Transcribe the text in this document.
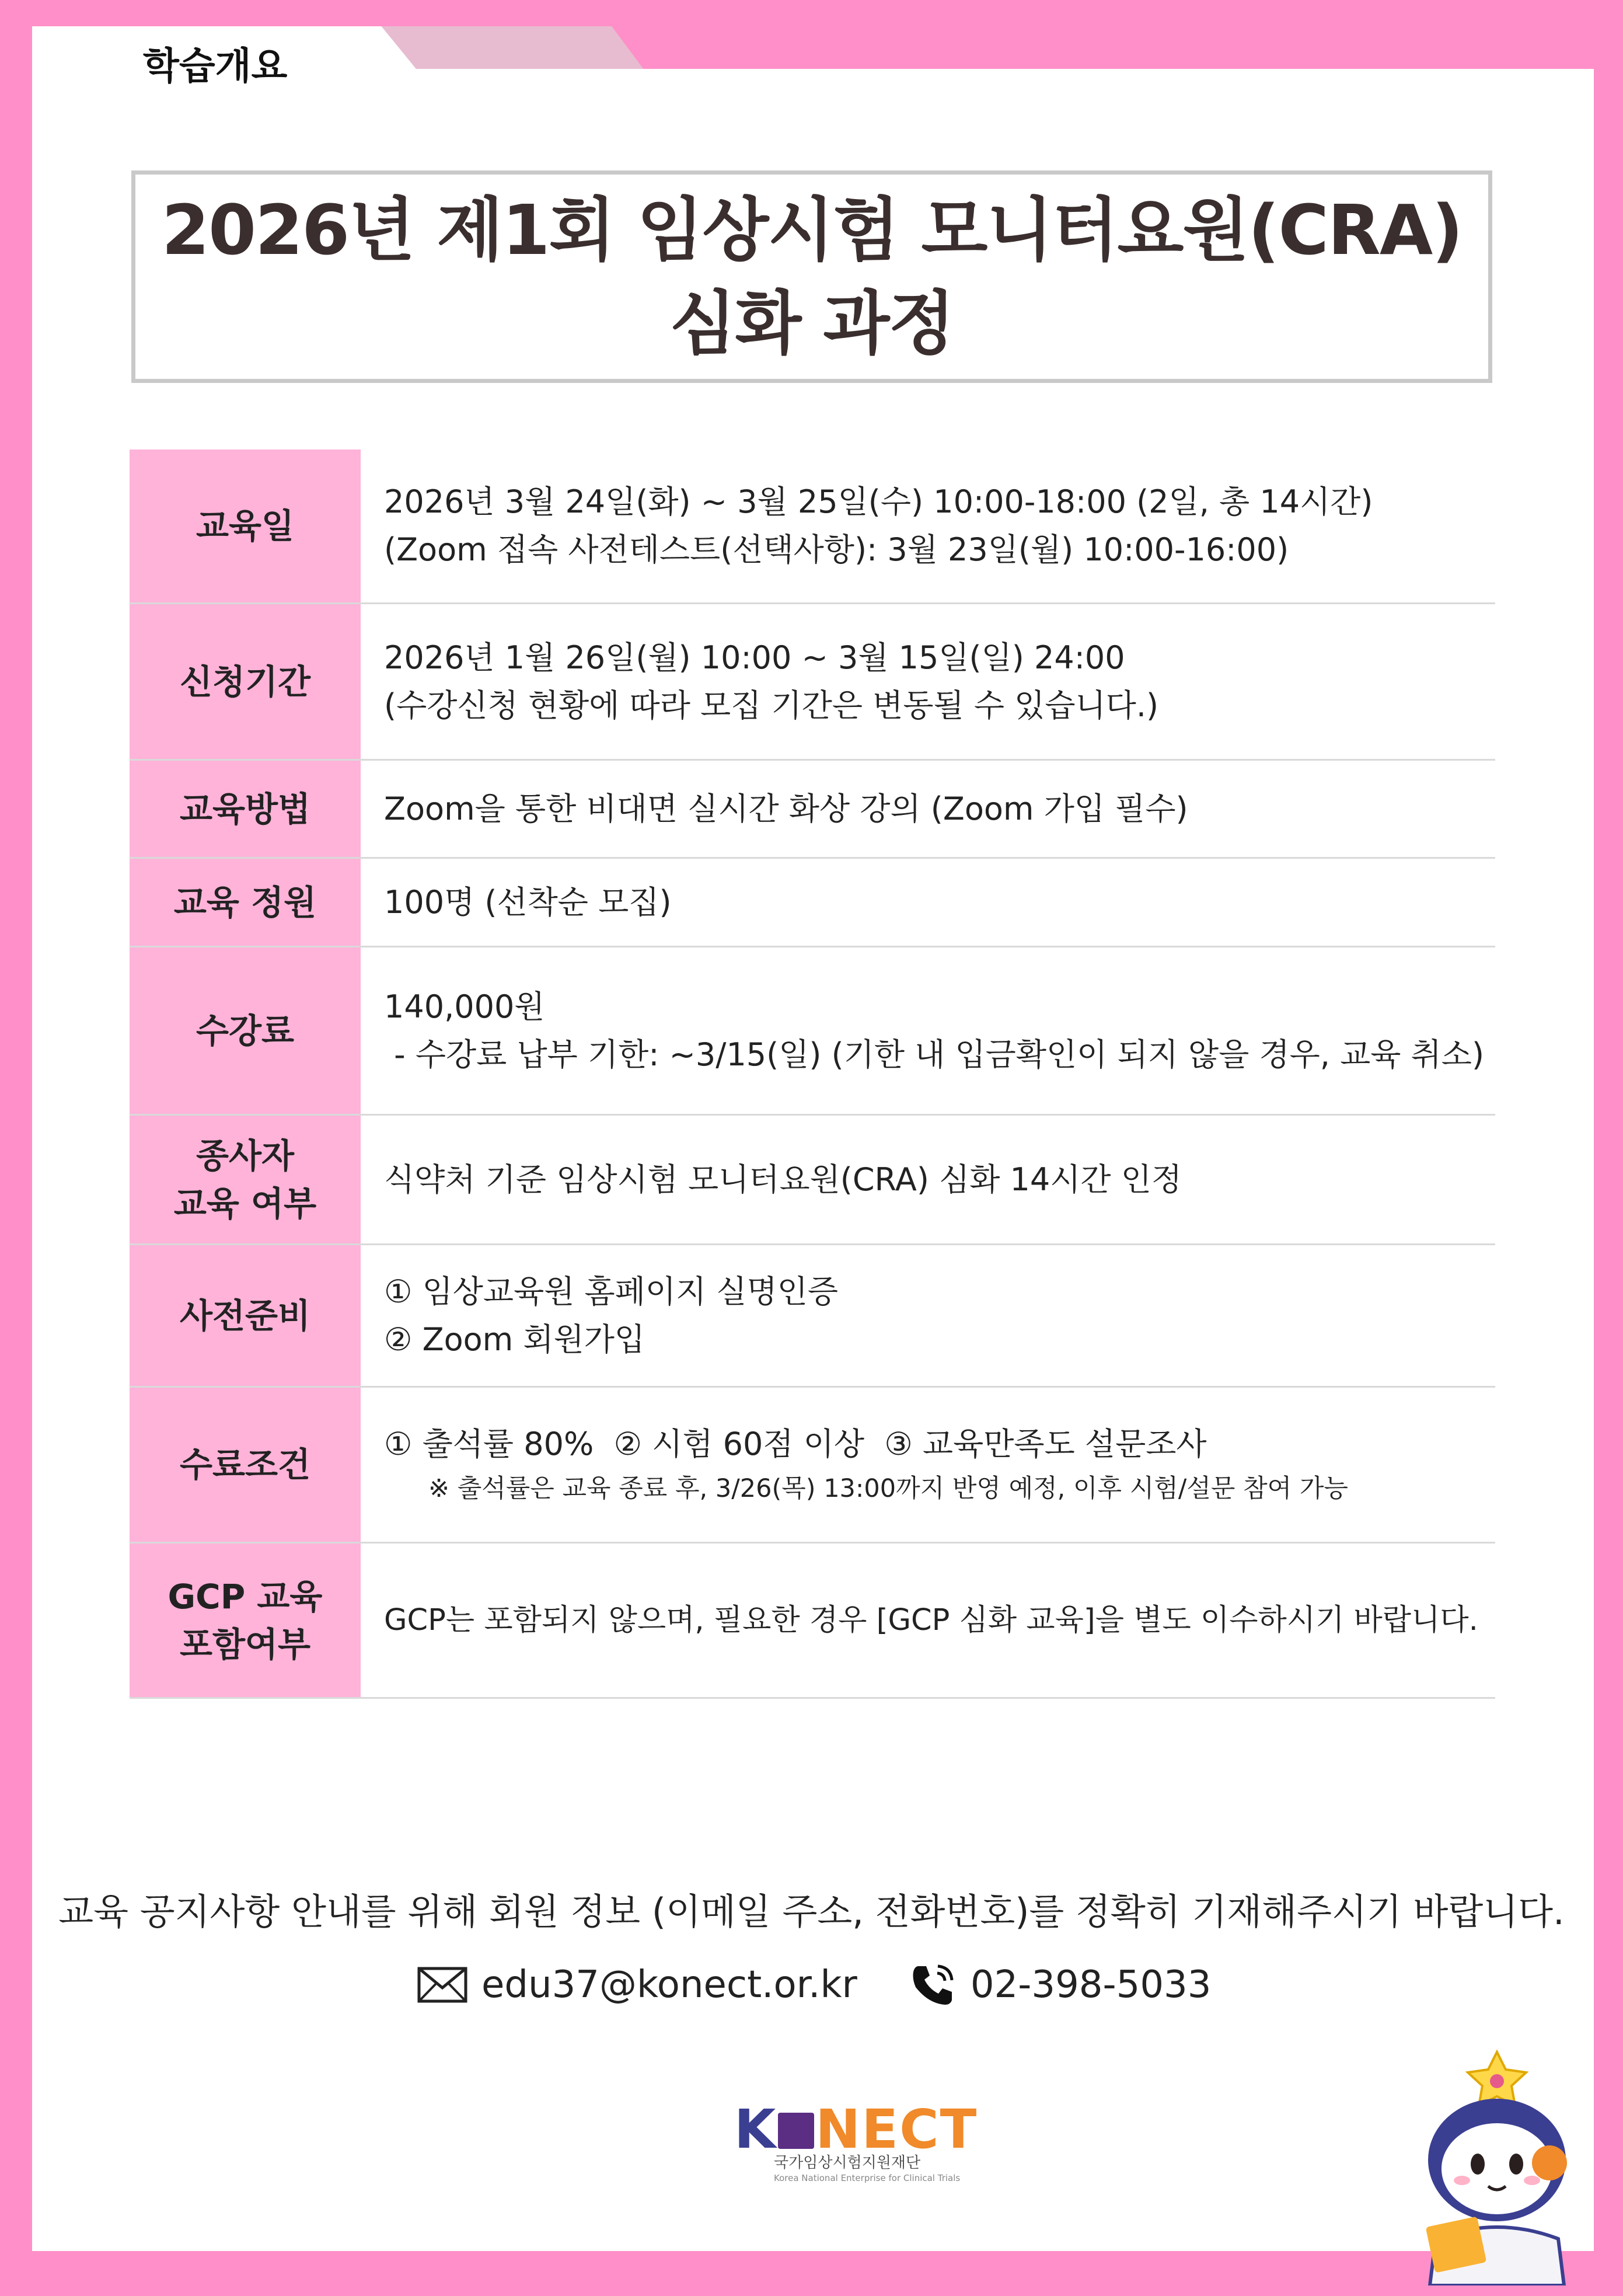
학습개요
2026년 제1회 임상시험 모니터요원(CRA)
심화 과정
교육일
2026년 3월 24일(화) ~ 3월 25일(수) 10:00-18:00 (2일, 총 14시간)
(Zoom 접속 사전테스트(선택사항): 3월 23일(월) 10:00-16:00)
신청기간
2026년 1월 26일(월) 10:00 ~ 3월 15일(일) 24:00
(수강신청 현황에 따라 모집 기간은 변동될 수 있습니다.)
교육방법 Zoom을 통한 비대면 실시간 화상 강의 (Zoom 가입 필수)
교육 정원 100명 (선착순 모집)
수강료
140,000원
- 수강료 납부 기한: ~3/15(일) (기한 내 입금확인이 되지 않을 경우, 교육 취소)
종사자
교육 여부
식약처 기준 임상시험 모니터요원(CRA) 심화 14시간 인정
사전준비
① 임상교육원 홈페이지 실명인증
② Zoom 회원가입
수료조건
① 출석률 80%  ② 시험 60점 이상  ③ 교육만족도 설문조사
※ 출석률은 교육 종료 후, 3/26(목) 13:00까지 반영 예정, 이후 시험/설문 참여 가능
GCP 교육
포함여부
GCP는 포함되지 않으며, 필요한 경우 [GCP 심화 교육]을 별도 이수하시기 바랍니다.
교육 공지사항 안내를 위해 회원 정보 (이메일 주소, 전화번호)를 정확히 기재해주시기 바랍니다.
edu37@konect.or.kr	02-398-5033
K NECT
국가임상시험지원재단
Korea National Enterprise for Clinical Trials
